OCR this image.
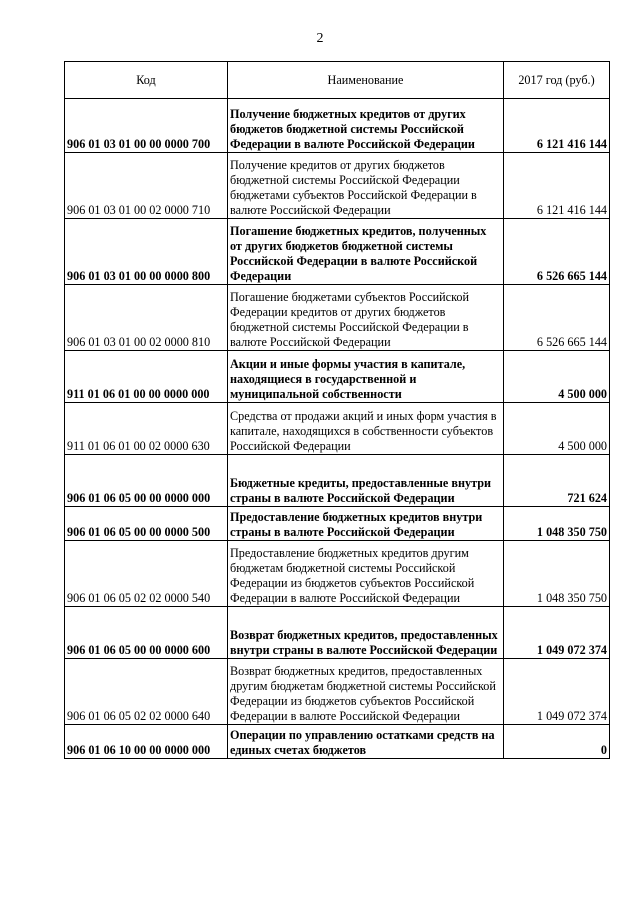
2
Код	Наименование	2017 год (руб.)
906 01 03 01 00 00 0000 700	Получение бюджетных кредитов от других бюджетов бюджетной системы Российской Федерации в валюте Российской Федерации	6 121 416 144
906 01 03 01 00 02 0000 710	Получение кредитов от других бюджетов бюджетной системы Российской Федерации бюджетами субъектов Российской Федерации в валюте Российской Федерации	6 121 416 144
906 01 03 01 00 00 0000 800	Погашение бюджетных кредитов, полученных от других бюджетов бюджетной системы Российской Федерации в валюте Российской Федерации	6 526 665 144
906 01 03 01 00 02 0000 810	Погашение бюджетами субъектов Российской Федерации кредитов от других бюджетов бюджетной системы Российской Федерации в валюте Российской Федерации	6 526 665 144
911 01 06 01 00 00 0000 000	Акции и иные формы участия в капитале, находящиеся в государственной и муниципальной собственности	4 500 000
911 01 06 01 00 02 0000 630	Средства от продажи акций и иных форм участия в капитале, находящихся в собственности субъектов Российской Федерации	4 500 000
906 01 06 05 00 00 0000 000	Бюджетные кредиты, предоставленные внутри страны в валюте Российской Федерации	721 624
906 01 06 05 00 00 0000 500	Предоставление бюджетных кредитов внутри страны в валюте Российской Федерации	1 048 350 750
906 01 06 05 02 02 0000 540	Предоставление бюджетных кредитов другим бюджетам бюджетной системы Российской Федерации из бюджетов субъектов Российской Федерации в валюте Российской Федерации	1 048 350 750
906 01 06 05 00 00 0000 600	Возврат бюджетных кредитов, предоставленных внутри страны в валюте Российской Федерации	1 049 072 374
906 01 06 05 02 02 0000 640	Возврат бюджетных кредитов, предоставленных другим бюджетам бюджетной системы Российской Федерации из бюджетов субъектов Российской Федерации в валюте Российской Федерации	1 049 072 374
906 01 06 10 00 00 0000 000	Операции по управлению остатками средств на единых счетах бюджетов	0
